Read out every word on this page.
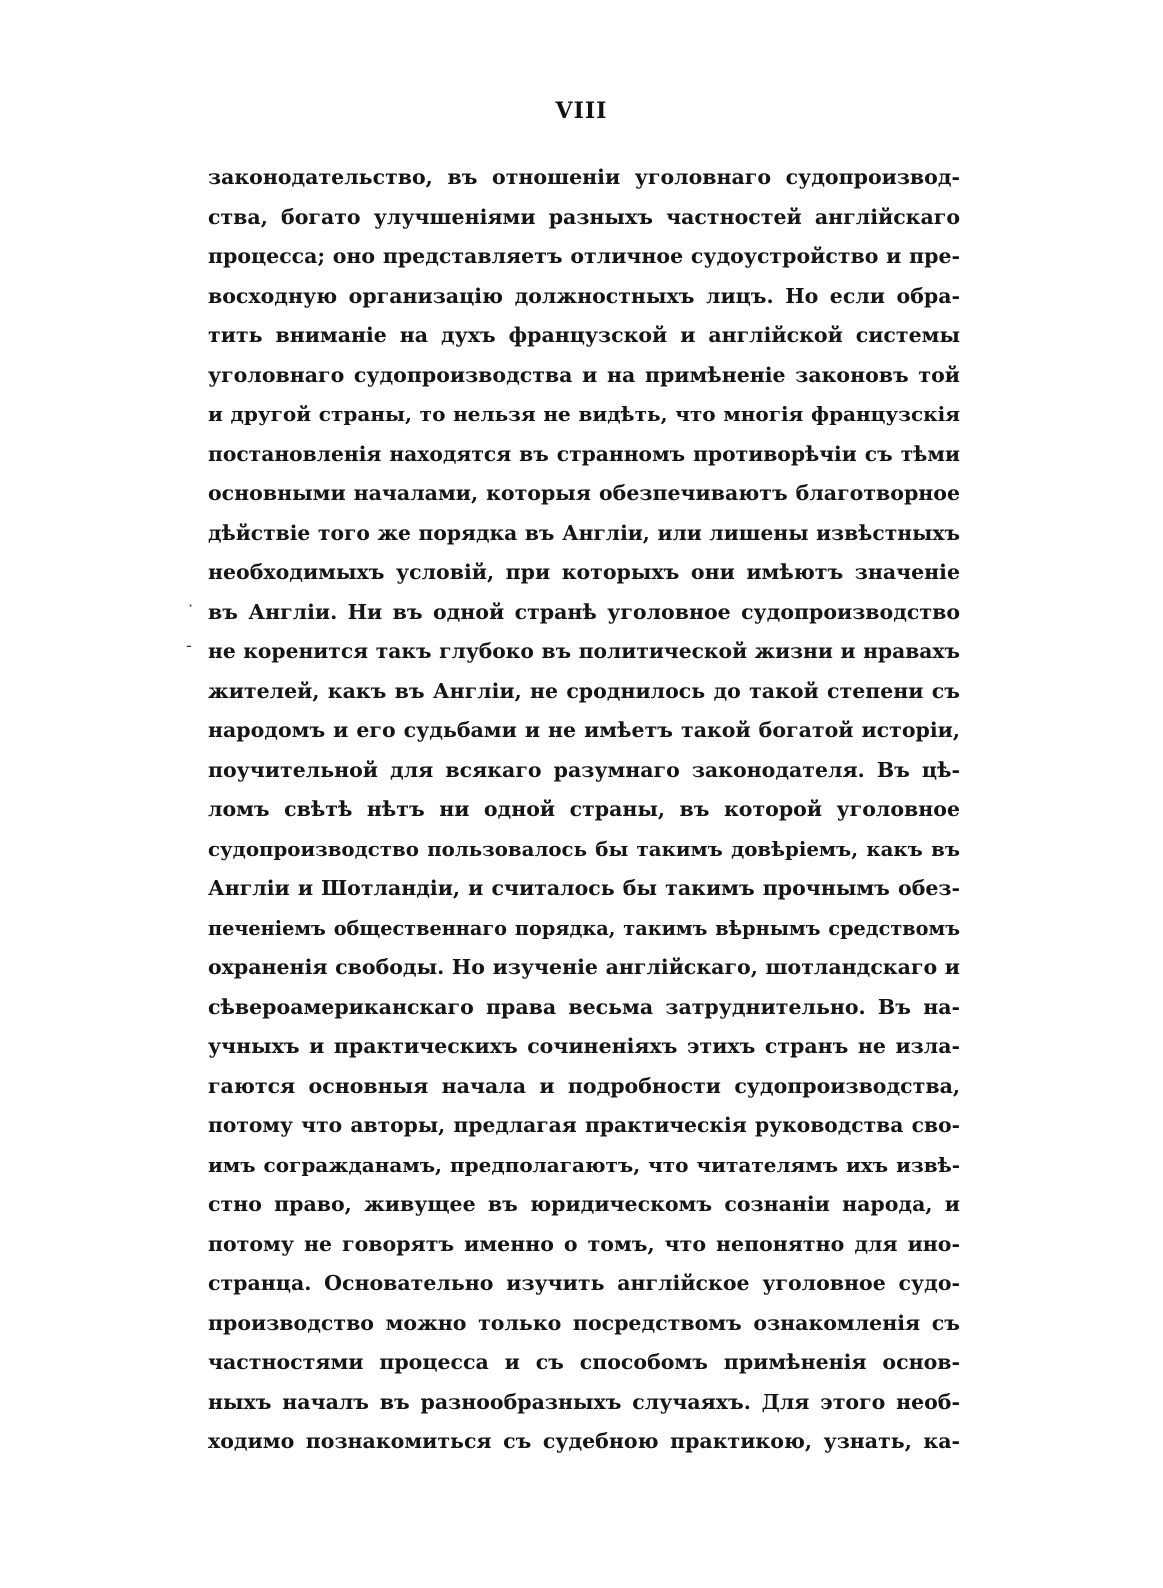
VIII
·
-
законодательство, въ отношенiи уголовнаго судопроизвод-
ства, богато улучшенiями разныхъ частностей англiйскаго
процесса; оно представляетъ отличное судоустройство и пре-
восходную организацiю должностныхъ лицъ. Но если обра-
тить вниманiе на духъ французской и англiйской системы
уголовнаго судопроизводства и на примѣненiе законовъ той
и другой страны, то нельзя не видѣть, что многiя французскiя
постановленiя находятся въ странномъ противорѣчiи съ тѣми
основными началами, которыя обезпечиваютъ благотворное
дѣйствiе того же порядка въ Англiи, или лишены извѣстныхъ
необходимыхъ условiй, при которыхъ они имѣютъ значенiе
въ Англiи. Ни въ одной странѣ уголовное судопроизводство
не коренится такъ глубоко въ политической жизни и нравахъ
жителей, какъ въ Англiи, не сроднилось до такой степени съ
народомъ и его судьбами и не имѣетъ такой богатой исторiи,
поучительной для всякаго разумнаго законодателя. Въ цѣ-
ломъ свѣтѣ нѣтъ ни одной страны, въ которой уголовное
судопроизводство пользовалось бы такимъ довѣрiемъ, какъ въ
Англiи и Шотландiи, и считалось бы такимъ прочнымъ обез-
печенiемъ общественнаго порядка, такимъ вѣрнымъ средствомъ
охраненiя свободы. Но изученiе англiйскаго, шотландскаго и
сѣвероамериканскаго права весьма затруднительно. Въ на-
учныхъ и практическихъ сочиненiяхъ этихъ странъ не изла-
гаются основныя начала и подробности судопроизводства,
потому что авторы, предлагая практическiя руководства сво-
имъ согражданамъ, предполагаютъ, что читателямъ ихъ извѣ-
стно право, живущее въ юридическомъ сознанiи народа, и
потому не говорятъ именно о томъ, что непонятно для ино-
странца. Основательно изучить англiйское уголовное судо-
производство можно только посредствомъ ознакомленiя съ
частностями процесса и съ способомъ примѣненiя основ-
ныхъ началъ въ разнообразныхъ случаяхъ. Для этого необ-
ходимо познакомиться съ судебною практикою, узнать, ка-
